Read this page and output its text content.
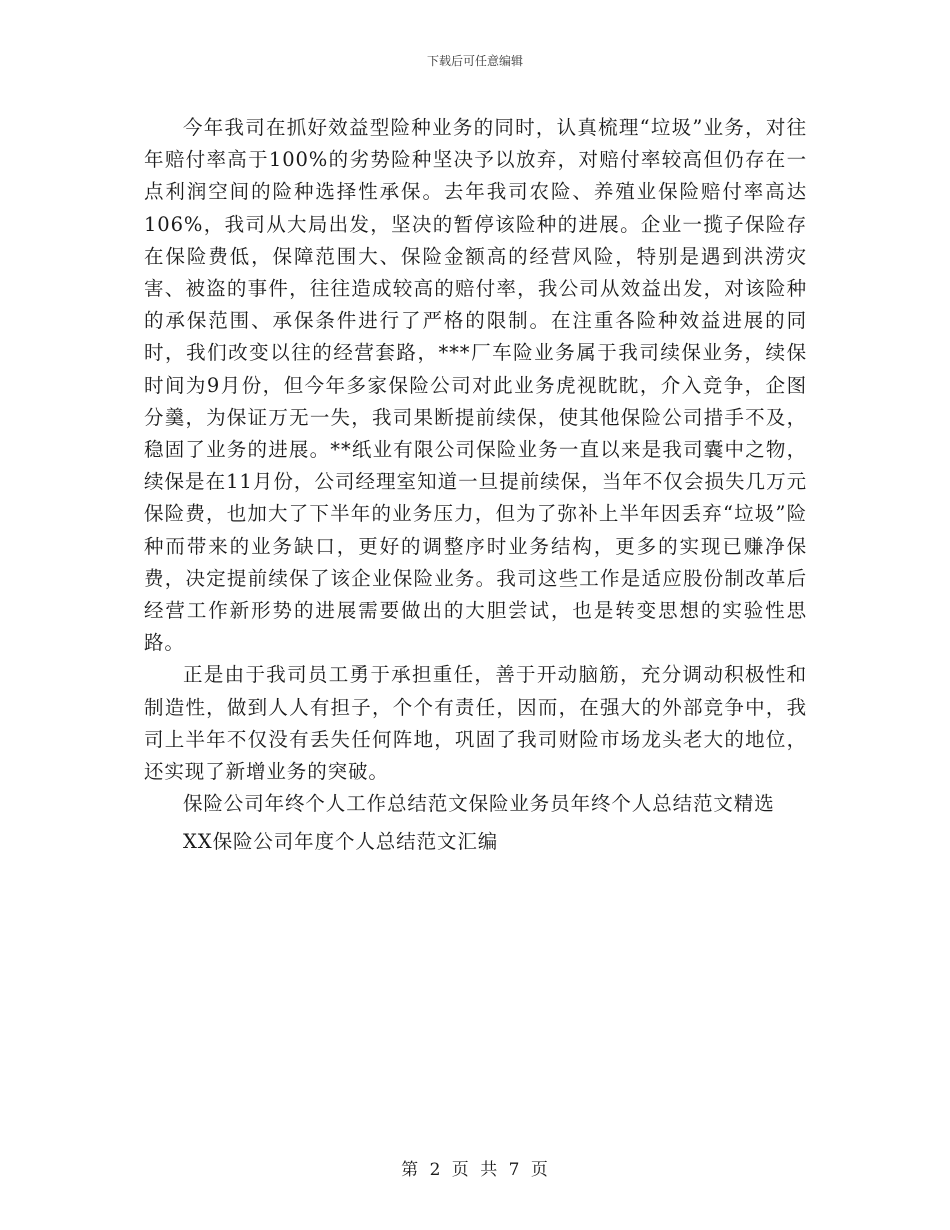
下载后可任意编辑

今年我司在抓好效益型险种业务的同时，认真梳理“垃圾”业务，对往年赔付率高于100%的劣势险种坚决予以放弃，对赔付率较高但仍存在一点利润空间的险种选择性承保。去年我司农险、养殖业保险赔付率高达106%，我司从大局出发，坚决的暂停该险种的进展。企业一揽子保险存在保险费低，保障范围大、保险金额高的经营风险，特别是遇到洪涝灾害、被盗的事件，往往造成较高的赔付率，我公司从效益出发，对该险种的承保范围、承保条件进行了严格的限制。在注重各险种效益进展的同时，我们改变以往的经营套路，***厂车险业务属于我司续保业务，续保时间为9月份，但今年多家保险公司对此业务虎视眈眈，介入竞争，企图分羹，为保证万无一失，我司果断提前续保，使其他保险公司措手不及，稳固了业务的进展。**纸业有限公司保险业务一直以来是我司囊中之物，续保是在11月份，公司经理室知道一旦提前续保，当年不仅会损失几万元保险费，也加大了下半年的业务压力，但为了弥补上半年因丢弃“垃圾”险种而带来的业务缺口，更好的调整序时业务结构，更多的实现已赚净保费，决定提前续保了该企业保险业务。我司这些工作是适应股份制改革后经营工作新形势的进展需要做出的大胆尝试，也是转变思想的实验性思路。

正是由于我司员工勇于承担重任，善于开动脑筋，充分调动积极性和制造性，做到人人有担子，个个有责任，因而，在强大的外部竞争中，我司上半年不仅没有丢失任何阵地，巩固了我司财险市场龙头老大的地位，还实现了新增业务的突破。

保险公司年终个人工作总结范文保险业务员年终个人总结范文精选

XX保险公司年度个人总结范文汇编

第 2 页 共 7 页
